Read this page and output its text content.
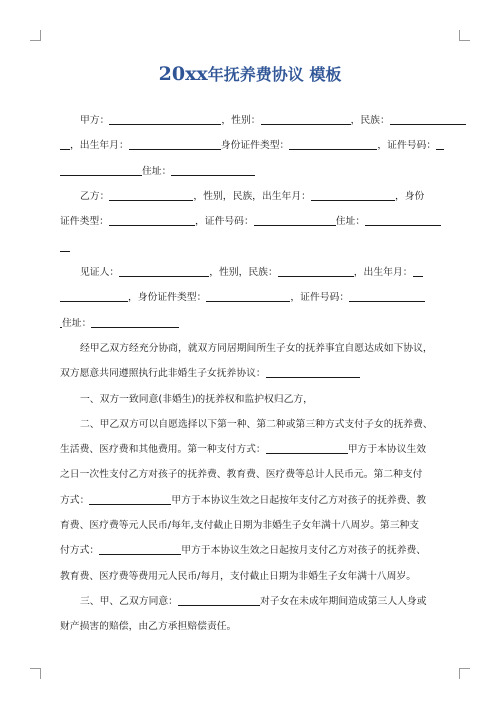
20xx年抚养费协议 模板

甲方：	，性别：	，民族：
，出生年月：	身份证件类型：	，证件号码：
住址：

乙方：	，性别，民族，出生年月：	，身份
证件类型：	，证件号码：	住址：

见证人：	，性别，民族：	，出生年月：
，身份证件类型：	，证件号码：
住址：

经甲乙双方经充分协商，就双方同居期间所生子女的抚养事宜自愿达成如下协议，
双方愿意共同遵照执行此非婚生子女抚养协议：
一、双方一致同意(非婚生)的抚养权和监护权归乙方，
二、甲乙双方可以自愿选择以下第一种、第二种或第三种方式支付子女的抚养费、
生活费、医疗费和其他费用。第一种支付方式：	甲方于本协议生效
之日一次性支付乙方对孩子的抚养费、教育费、医疗费等总计人民币元。第二种支付
方式：	甲方于本协议生效之日起按年支付乙方对孩子的抚养费、教
育费、医疗费等元人民币/每年,支付截止日期为非婚生子女年满十八周岁。第三种支
付方式：	甲方于本协议生效之日起按月支付乙方对孩子的抚养费、
教育费、医疗费等费用元人民币/每月，支付截止日期为非婚生子女年满十八周岁。
三、甲、乙双方同意：	对子女在未成年期间造成第三人人身或
财产损害的赔偿，由乙方承担赔偿责任。
